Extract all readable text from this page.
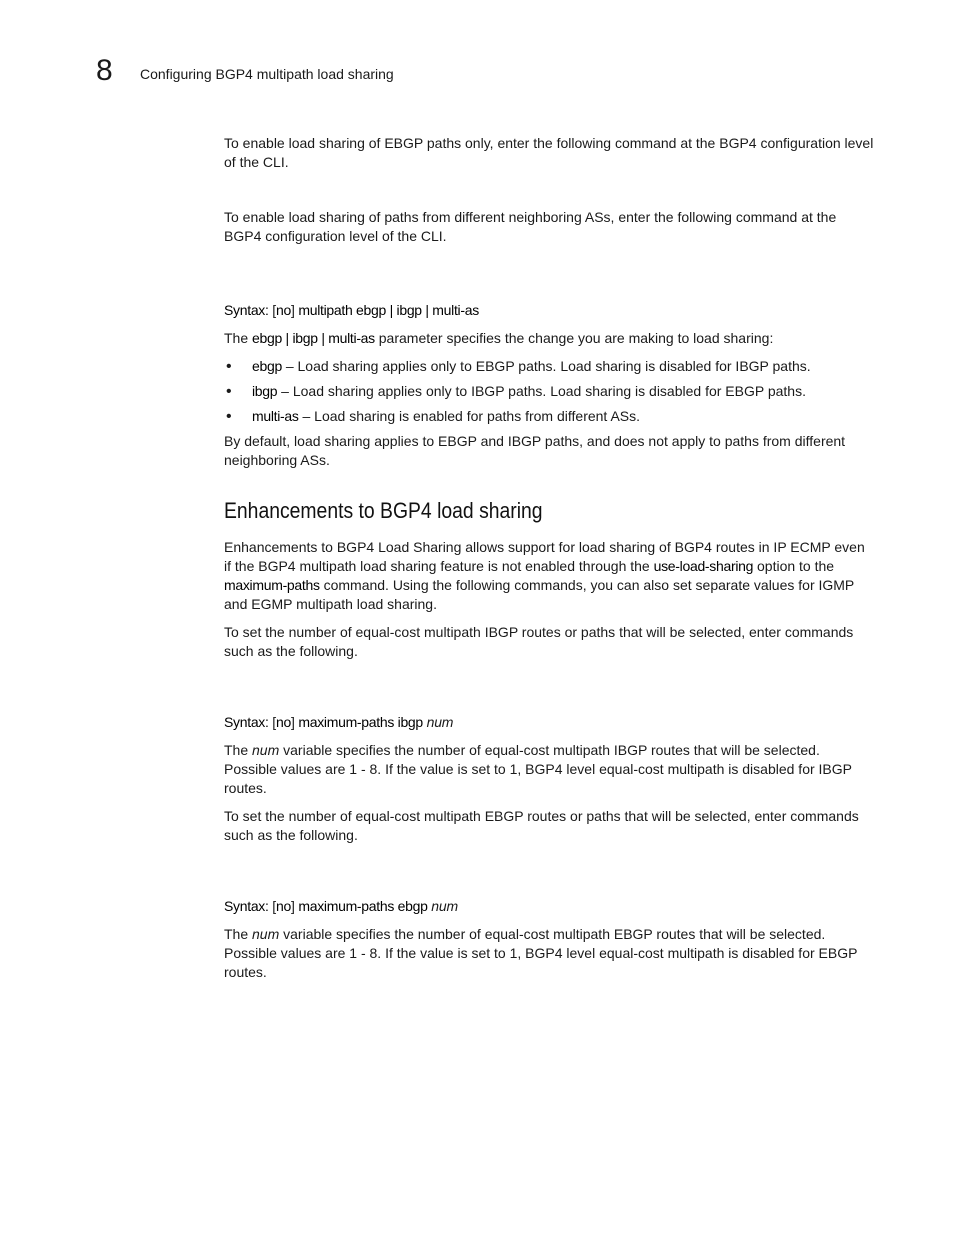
8 Configuring BGP4 multipath load sharing

To enable load sharing of EBGP paths only, enter the following command at the BGP4 configuration level of the CLI.

To enable load sharing of paths from different neighboring ASs, enter the following command at the BGP4 configuration level of the CLI.

Syntax: [no] multipath ebgp | ibgp | multi-as

The ebgp | ibgp | multi-as parameter specifies the change you are making to load sharing:

• ebgp – Load sharing applies only to EBGP paths. Load sharing is disabled for IBGP paths.
• ibgp – Load sharing applies only to IBGP paths. Load sharing is disabled for EBGP paths.
• multi-as – Load sharing is enabled for paths from different ASs.

By default, load sharing applies to EBGP and IBGP paths, and does not apply to paths from different neighboring ASs.

Enhancements to BGP4 load sharing

Enhancements to BGP4 Load Sharing allows support for load sharing of BGP4 routes in IP ECMP even if the BGP4 multipath load sharing feature is not enabled through the use-load-sharing option to the maximum-paths command. Using the following commands, you can also set separate values for IGMP and EGMP multipath load sharing.

To set the number of equal-cost multipath IBGP routes or paths that will be selected, enter commands such as the following.

Syntax: [no] maximum-paths ibgp num

The num variable specifies the number of equal-cost multipath IBGP routes that will be selected. Possible values are 1 - 8. If the value is set to 1, BGP4 level equal-cost multipath is disabled for IBGP routes.

To set the number of equal-cost multipath EBGP routes or paths that will be selected, enter commands such as the following.

Syntax: [no] maximum-paths ebgp num

The num variable specifies the number of equal-cost multipath EBGP routes that will be selected. Possible values are 1 - 8. If the value is set to 1, BGP4 level equal-cost multipath is disabled for EBGP routes.
